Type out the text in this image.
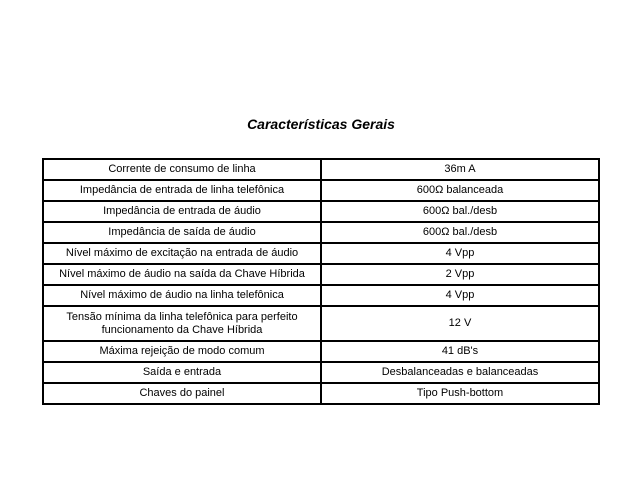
Características Gerais
Corrente de consumo de linha	36m A
Impedância de entrada de linha telefônica	600Ω balanceada
Impedância de entrada de áudio	600Ω bal./desb
Impedância de saída de áudio	600Ω bal./desb
Nível máximo de excitação na entrada de áudio	4 Vpp
Nível máximo de áudio na saída da Chave Híbrida	2 Vpp
Nível máximo de áudio na linha telefônica	4 Vpp
Tensão mínima da linha telefônica para perfeito funcionamento da Chave Híbrida	12 V
Máxima rejeição de modo comum	41 dB's
Saída e entrada	Desbalanceadas e balanceadas
Chaves do painel	Tipo Push-bottom
